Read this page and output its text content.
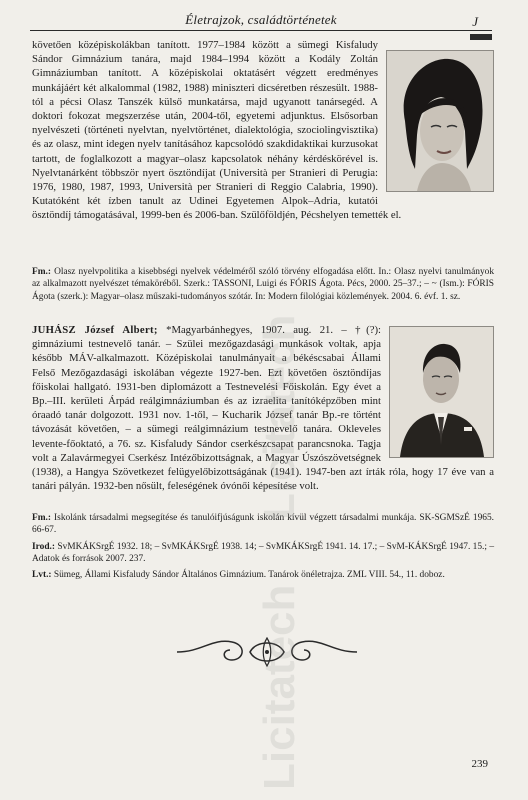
Életrajzok, családtörténetek	J

követően középiskolákban tanított. 1977–1984 között a sümegi Kisfaludy Sándor Gimnázium tanára, majd 1984–1994 között a Kodály Zoltán Gimnáziumban tanított. A középiskolai oktatásért végzett eredményes munkájáért két alkalommal (1982, 1988) miniszteri dicséretben részesült. 1988-tól a pécsi Olasz Tanszék külső munkatársa, majd ugyanott tanársegéd. A doktori fokozat megszerzése után, 2004-től, egyetemi adjunktus. Elsősorban nyelvészeti (történeti nyelvtan, nyelvtörténet, dialektológia, szociolingvisztika) és az olasz, mint idegen nyelv tanításához kapcsolódó szakdidaktikai kurzusokat tartott, de foglalkozott a magyar–olasz kapcsolatok néhány kérdéskörével is. Nyelvtanárként többször nyert ösztöndíjat (Università per Stranieri di Perugia: 1976, 1980, 1987, 1993, Università per Stranieri di Reggio Calabria, 1990). Kutatóként két ízben tanult az Udinei Egyetemen Alpok–Adria, kutatói ösztöndíj támogatásával, 1999-ben és 2006-ban. Szülőföldjén, Pécshelyen temették el.

Fm.: Olasz nyelvpolitika a kisebbségi nyelvek védelméről szóló törvény elfogadása előtt. In.: Olasz nyelvi tanulmányok az alkalmazott nyelvészet témaköréből. Szerk.: TASSONI, Luigi és FÓRIS Ágota. Pécs, 2000. 25–37.; – ~ (Ism.): FÓRIS Ágota (szerk.): Magyar–olasz műszaki-tudományos szótár. In: Modern filológiai közlemények. 2004. 6. évf. 1. sz.

JUHÁSZ József Albert; *Magyarbánhegyes, 1907. aug. 21. – †(?): gimnáziumi testnevelő tanár. – Szülei mezőgazdasági munkások voltak, apja később MÁV-alkalmazott. Középiskolai tanulmányait a békéscsabai Állami Felső Mezőgazdasági iskolában végezte 1927-ben. Ezt követően ösztöndíjas főiskolai hallgató. 1931-ben diplomázott a Testnevelési Főiskolán. Egy évet a Bp.–III. kerületi Árpád reálgimnáziumban és az izraelita tanítóképzőben mint óraadó tanár dolgozott. 1931 nov. 1-től, – Kucharik József tanár Bp.-re történt távozását követően, – a sümegi reálgimnázium testnevelő tanára. Okleveles levente-főoktató, a 76. sz. Kisfaludy Sándor cserkészcsapat parancsnoka. Tagja volt a Zalavármegyei Cserkész Intézőbizottságnak, a Magyar Úszószövetségnek (1938), a Hangya Szövetkezet felügyelőbizottságának (1941). 1947-ben azt írták róla, hogy 17 éve van a tanári pályán. 1932-ben nősült, feleségének óvónői képesítése volt.

Fm.: Iskolánk társadalmi megsegítése és tanulóifjúságunk iskolán kívül végzett társadalmi munkája. SK-SGMSzÉ 1965. 66-67.
Irod.: SvMKÁKSrgÉ 1932. 18; – SvMKÁKSrgÉ 1938. 14; – SvMKÁKSrgÉ 1941. 14. 17.; – SvM-KÁKSrgÉ 1947. 15.; – Adatok és források 2007. 237.
Lvt.: Sümeg, Állami Kisfaludy Sándor Általános Gimnázium. Tanárok önéletrajza. ZML VIII. 54., 11. doboz.
239
Licitatech
Licitatech
